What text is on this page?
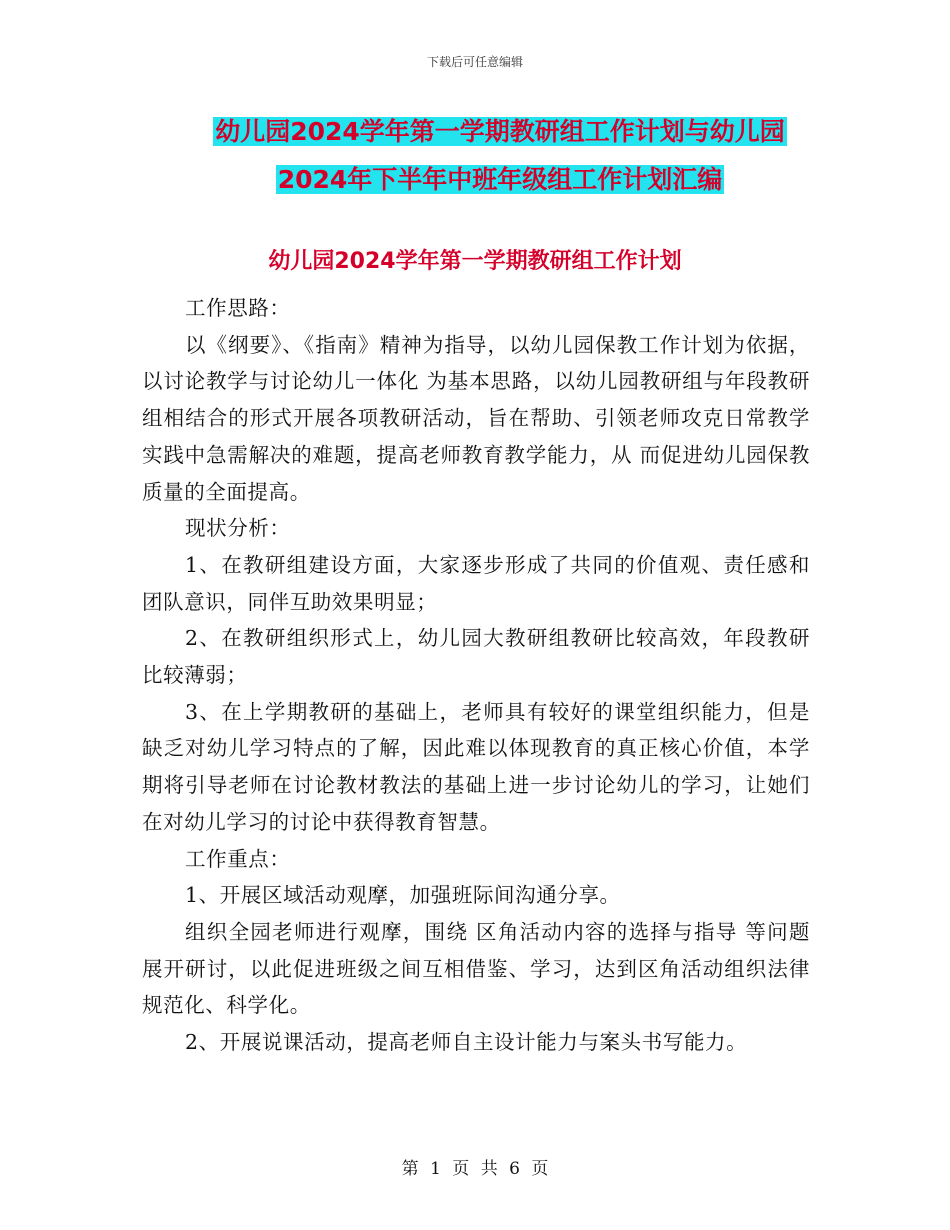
下载后可任意编辑
幼儿园2024学年第一学期教研组工作计划与幼儿园
2024年下半年中班年级组工作计划汇编
幼儿园2024学年第一学期教研组工作计划

工作思路：

以《纲要》、《指南》精神为指导，以幼儿园保教工作计划为依据，以讨论教学与讨论幼儿一体化 为基本思路，以幼儿园教研组与年段教研组相结合的形式开展各项教研活动，旨在帮助、引领老师攻克日常教学实践中急需解决的难题，提高老师教育教学能力，从 而促进幼儿园保教质量的全面提高。

现状分析：

1、在教研组建设方面，大家逐步形成了共同的价值观、责任感和团队意识，同伴互助效果明显；

2、在教研组织形式上，幼儿园大教研组教研比较高效，年段教研比较薄弱；

3、在上学期教研的基础上，老师具有较好的课堂组织能力，但是缺乏对幼儿学习特点的了解，因此难以体现教育的真正核心价值，本学期将引导老师在讨论教材教法的基础上进一步讨论幼儿的学习，让她们在对幼儿学习的讨论中获得教育智慧。

工作重点：

1、开展区域活动观摩，加强班际间沟通分享。

组织全园老师进行观摩，围绕 区角活动内容的选择与指导 等问题展开研讨，以此促进班级之间互相借鉴、学习，达到区角活动组织法律规范化、科学化。

2、开展说课活动，提高老师自主设计能力与案头书写能力。

第 1 页 共 6 页
